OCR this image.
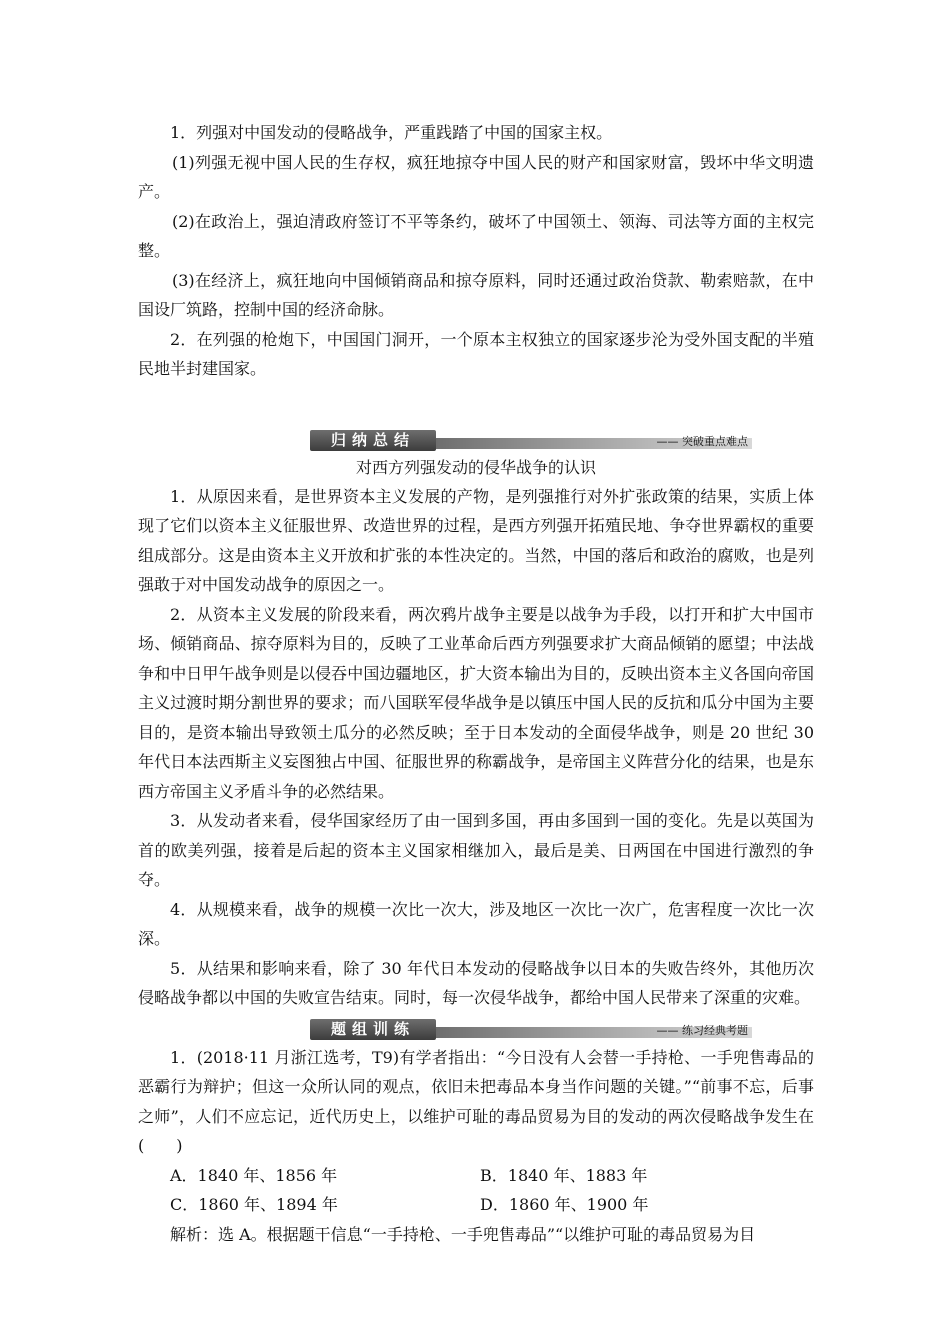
1．列强对中国发动的侵略战争，严重践踏了中国的国家主权。

(1)列强无视中国人民的生存权，疯狂地掠夺中国人民的财产和国家财富，毁坏中华文明遗产。

(2)在政治上，强迫清政府签订不平等条约，破坏了中国领土、领海、司法等方面的主权完整。

(3)在经济上，疯狂地向中国倾销商品和掠夺原料，同时还通过政治贷款、勒索赔款，在中国设厂筑路，控制中国的经济命脉。

2．在列强的枪炮下，中国国门洞开，一个原本主权独立的国家逐步沦为受外国支配的半殖民地半封建国家。

归纳总结	—— 突破重点难点
对西方列强发动的侵华战争的认识

1．从原因来看，是世界资本主义发展的产物，是列强推行对外扩张政策的结果，实质上体现了它们以资本主义征服世界、改造世界的过程，是西方列强开拓殖民地、争夺世界霸权的重要组成部分。这是由资本主义开放和扩张的本性决定的。当然，中国的落后和政治的腐败，也是列强敢于对中国发动战争的原因之一。

2．从资本主义发展的阶段来看，两次鸦片战争主要是以战争为手段，以打开和扩大中国市场、倾销商品、掠夺原料为目的，反映了工业革命后西方列强要求扩大商品倾销的愿望；中法战争和中日甲午战争则是以侵吞中国边疆地区，扩大资本输出为目的，反映出资本主义各国向帝国主义过渡时期分割世界的要求；而八国联军侵华战争是以镇压中国人民的反抗和瓜分中国为主要目的，是资本输出导致领土瓜分的必然反映；至于日本发动的全面侵华战争，则是 20 世纪 30 年代日本法西斯主义妄图独占中国、征服世界的称霸战争，是帝国主义阵营分化的结果，也是东西方帝国主义矛盾斗争的必然结果。

3．从发动者来看，侵华国家经历了由一国到多国，再由多国到一国的变化。先是以英国为首的欧美列强，接着是后起的资本主义国家相继加入，最后是美、日两国在中国进行激烈的争夺。

4．从规模来看，战争的规模一次比一次大，涉及地区一次比一次广，危害程度一次比一次深。

5．从结果和影响来看，除了 30 年代日本发动的侵略战争以日本的失败告终外，其他历次侵略战争都以中国的失败宣告结束。同时，每一次侵华战争，都给中国人民带来了深重的灾难。

题组训练	—— 练习经典考题

1．(2018·11 月浙江选考，T9)有学者指出：“今日没有人会替一手持枪、一手兜售毒品的恶霸行为辩护；但这一众所认同的观点，依旧未把毒品本身当作问题的关键。”“前事不忘，后事之师”，人们不应忘记，近代历史上，以维护可耻的毒品贸易为目的发动的两次侵略战争发生在(　　)

A．1840 年、1856 年	B．1840 年、1883 年
C．1860 年、1894 年	D．1860 年、1900 年

解析：选 A。根据题干信息“一手持枪、一手兜售毒品”“以维护可耻的毒品贸易为目
